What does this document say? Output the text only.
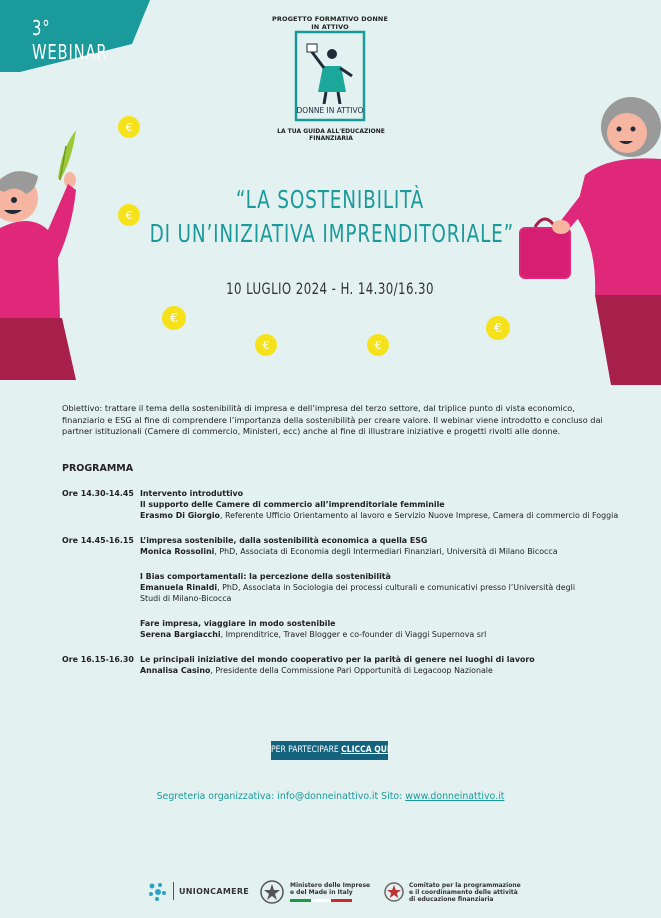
3° WEBINAR
PROGETTO FORMATIVO DONNE IN ATTIVO
DONNE IN ATTIVO
LA TUA GUIDA ALL'EDUCAZIONE FINANZIARIA
€
€
€
€	€
€
“LA SOSTENIBILITÀ
DI UN’INIZIATIVA IMPRENDITORIALE”
10 LUGLIO 2024 - H. 14.30/16.30
Obiettivo: trattare il tema della sostenibilità di impresa e dell’impresa del terzo settore, dal triplice punto di vista economico, finanziario e ESG al fine di comprendere l’importanza della sostenibilità per creare valore. Il webinar viene introdotto e concluso dai partner istituzionali (Camere di commercio, Ministeri, ecc) anche al fine di illustrare iniziative e progetti rivolti alle donne.
PROGRAMMA
Ore 14.30-14.45 Intervento introduttivo
Il supporto delle Camere di commercio all’imprenditoriale femminile
Erasmo Di Giorgio, Referente Ufficio Orientamento al lavoro e Servizio Nuove Imprese, Camera di commercio di Foggia
Ore 14.45-16.15 L’impresa sostenibile, dalla sostenibilità economica a quella ESG
Monica Rossolini, PhD, Associata di Economia degli Intermediari Finanziari, Università di Milano Bicocca
I Bias comportamentali: la percezione della sostenibilità
Emanuela Rinaldi, PhD, Associata in Sociologia dei processi culturali e comunicativi presso l’Università degli Studi di Milano-Bicocca
Fare impresa, viaggiare in modo sostenibile
Serena Bargiacchi, Imprenditrice, Travel Blogger e co-founder di Viaggi Supernova srl
Ore 16.15-16.30 Le principali iniziative del mondo cooperativo per la parità di genere nei luoghi di lavoro
Annalisa Casino, Presidente della Commissione Pari Opportunità di Legacoop Nazionale
PER PARTECIPARE CLICCA QUI
Segreteria organizzativa: info@donneinattivo.it Sito: www.donneinattivo.it
UNIONCAMERE
Ministero delle Imprese
e del Made in Italy
Comitato per la programmazione
e il coordinamento delle attività
di educazione finanziaria
